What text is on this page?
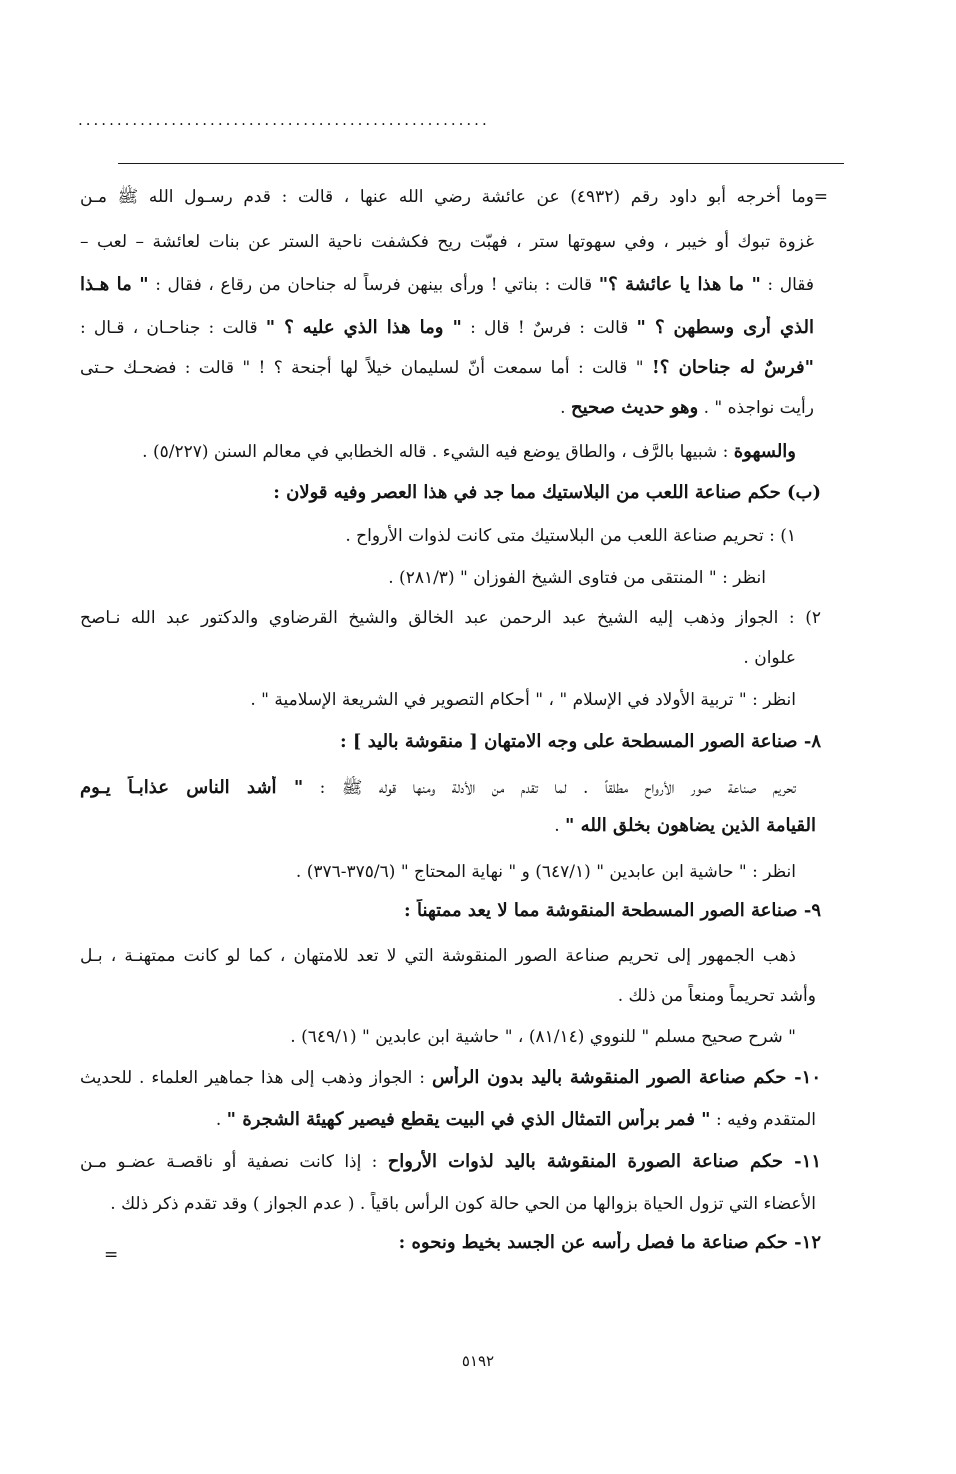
.....................................................
=
وما أخرجه أبو داود رقم (٤٩٣٢) عن عائشة رضي الله عنها ، قالت : قدم رسـول الله ﷺ مـن
غزوة تبوك أو خيبر ، وفي سهوتها ستر ، فهبّت ريح فكشفت ناحية الستر عن بنات لعائشة – لعب –
فقال : " ما هذا يا عائشة ؟" قالت : بناتي ! ورأى بينهن فرساً له جناحان من رقاع ، فقال : " ما هـذا
الذي أرى وسطهن ؟ " قالت : فرسٌ ! قال : " وما هذا الذي عليه ؟ " قالت : جناحـان ، قـال :
"فرسٌ له جناحان ؟! " قالت : أما سمعت أنّ لسليمان خيلاً لها أجنحة ؟ ! " قالت : فضحـك حـتى
رأيت نواجذه " . وهو حديث صحيح .
والسهوة : شبيها بالرَّف ، والطاق يوضع فيه الشيء . قاله الخطابي في معالم السنن (٥/٢٢٧) .
(ب) حكم صناعة اللعب من البلاستيك مما جد في هذا العصر وفيه قولان :
١) : تحريم صناعة اللعب من البلاستيك متى كانت لذوات الأرواح .
انظر : " المنتقى من فتاوى الشيخ الفوزان " (٢٨١/٣) .
٢) : الجواز وذهب إليه الشيخ عبد الرحمن عبد الخالق والشيخ القرضاوي والدكتور عبد الله نـاصح
علوان .
انظر : " تربية الأولاد في الإسلام " ، " أحكام التصوير في الشريعة الإسلامية " .
٨- صناعة الصور المسطحة على وجه الامتهان [ منقوشة باليد ] :
تحريم صناعة صور الأرواح مطلقاً . لما تقدم من الأدلة ومنها قوله ﷺ : " أشد الناس عذابـاً يـوم
القيامة الذين يضاهون بخلق الله " .
انظر : " حاشية ابن عابدين " (٦٤٧/١) و " نهاية المحتاج " (٣٧٥/٦-٣٧٦) .
٩- صناعة الصور المسطحة المنقوشة مما لا يعد ممتهناً :
ذهب الجمهور إلى تحريم صناعة الصور المنقوشة التي لا تعد للامتهان ، كما لو كانت ممتهنـة ، بـل
وأشد تحريماً ومنعاً من ذلك .
" شرح صحيح مسلم " للنووي (٨١/١٤) ، " حاشية ابن عابدين " (٦٤٩/١) .
١٠- حكم صناعة الصور المنقوشة باليد بدون الرأس : الجواز وذهب إلى هذا جماهير العلماء . للحديث
المتقدم وفيه : " فمر برأس التمثال الذي في البيت يقطع فيصير كهيئة الشجرة " .
١١- حكم صناعة الصورة المنقوشة باليد لذوات الأرواح : إذا كانت نصفية أو ناقصـة عضـو مـن
الأعضاء التي تزول الحياة بزوالها من الحي حالة كون الرأس باقياً . ( عدم الجواز ) وقد تقدم ذكر ذلك .
١٢- حكم صناعة ما فصل رأسه عن الجسد بخيط ونحوه :
=
٥١٩٢
